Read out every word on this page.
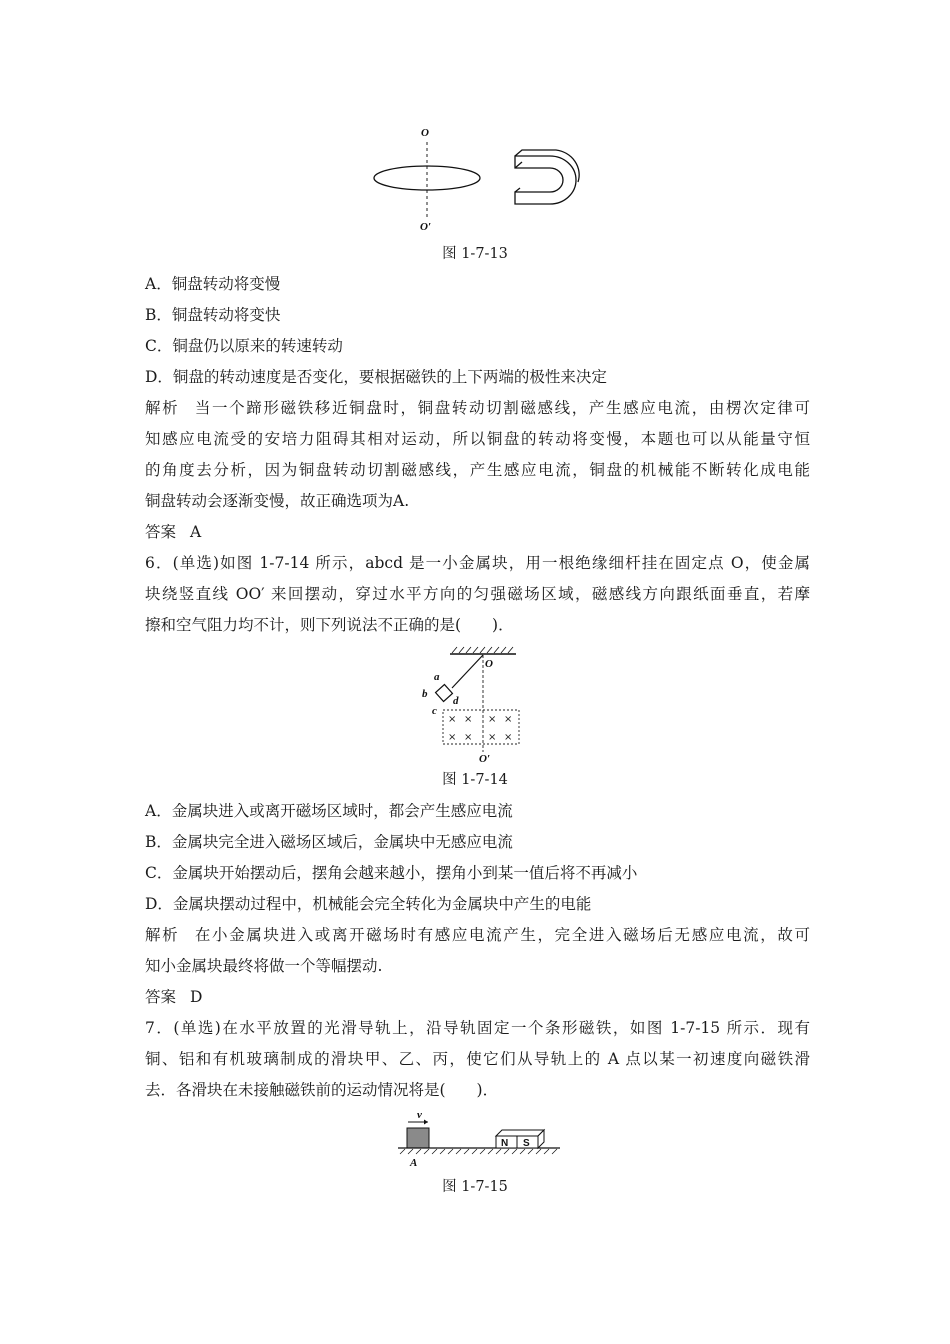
O
O′
图 1-7-13
A．铜盘转动将变慢
B．铜盘转动将变快
C．铜盘仍以原来的转速转动
D．铜盘的转动速度是否变化，要根据磁铁的上下两端的极性来决定
解析 当一个蹄形磁铁移近铜盘时，铜盘转动切割磁感线，产生感应电流，由楞次定律可
知感应电流受的安培力阻碍其相对运动，所以铜盘的转动将变慢，本题也可以从能量守恒
的角度去分析，因为铜盘转动切割磁感线，产生感应电流，铜盘的机械能不断转化成电能
铜盘转动会逐渐变慢，故正确选项为A.
答案 A
6．(单选)如图 1-7-14 所示，abcd 是一小金属块，用一根绝缘细杆挂在固定点 O，使金属
块绕竖直线 OO′ 来回摆动，穿过水平方向的匀强磁场区域，磁感线方向跟纸面垂直，若摩
擦和空气阻力均不计，则下列说法不正确的是(　　)．
O
a
b
c
d
× × × ×
× × × ×
O′
图 1-7-14
A．金属块进入或离开磁场区域时，都会产生感应电流
B．金属块完全进入磁场区域后，金属块中无感应电流
C．金属块开始摆动后，摆角会越来越小，摆角小到某一值后将不再减小
D．金属块摆动过程中，机械能会完全转化为金属块中产生的电能
解析 在小金属块进入或离开磁场时有感应电流产生，完全进入磁场后无感应电流，故可
知小金属块最终将做一个等幅摆动.
答案 D
7．(单选)在水平放置的光滑导轨上，沿导轨固定一个条形磁铁，如图 1-7-15 所示．现有
铜、铝和有机玻璃制成的滑块甲、乙、丙，使它们从导轨上的 A 点以某一初速度向磁铁滑
去．各滑块在未接触磁铁前的运动情况将是(　　)．
v
N S
A
图 1-7-15
